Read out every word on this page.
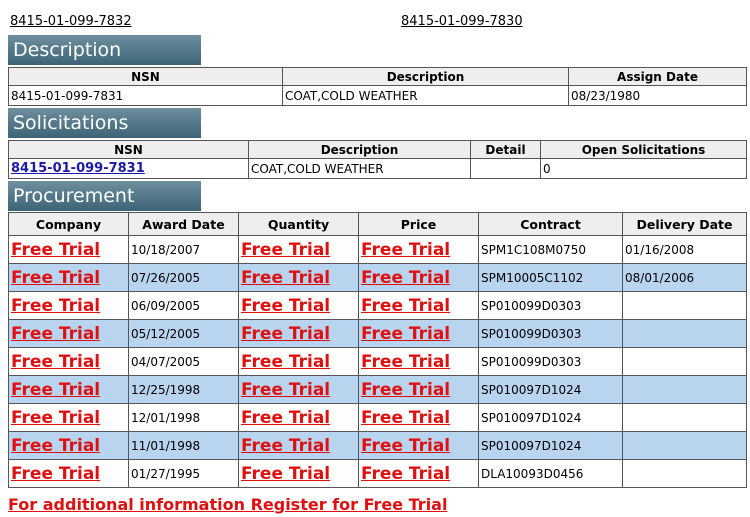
8415-01-099-7832	8415-01-099-7830
Description
NSN	Description	Assign Date
8415-01-099-7831	COAT,COLD WEATHER	08/23/1980
Solicitations
NSN	Description	Detail	Open Solicitations
8415-01-099-7831	COAT,COLD WEATHER		0
Procurement
Company	Award Date	Quantity	Price	Contract	Delivery Date
Free Trial	10/18/2007	Free Trial	Free Trial	SPM1C108M0750	01/16/2008
Free Trial	07/26/2005	Free Trial	Free Trial	SPM10005C1102	08/01/2006
Free Trial	06/09/2005	Free Trial	Free Trial	SP010099D0303	
Free Trial	05/12/2005	Free Trial	Free Trial	SP010099D0303	
Free Trial	04/07/2005	Free Trial	Free Trial	SP010099D0303	
Free Trial	12/25/1998	Free Trial	Free Trial	SP010097D1024	
Free Trial	12/01/1998	Free Trial	Free Trial	SP010097D1024	
Free Trial	11/01/1998	Free Trial	Free Trial	SP010097D1024	
Free Trial	01/27/1995	Free Trial	Free Trial	DLA10093D0456	
For additional information Register for Free Trial
